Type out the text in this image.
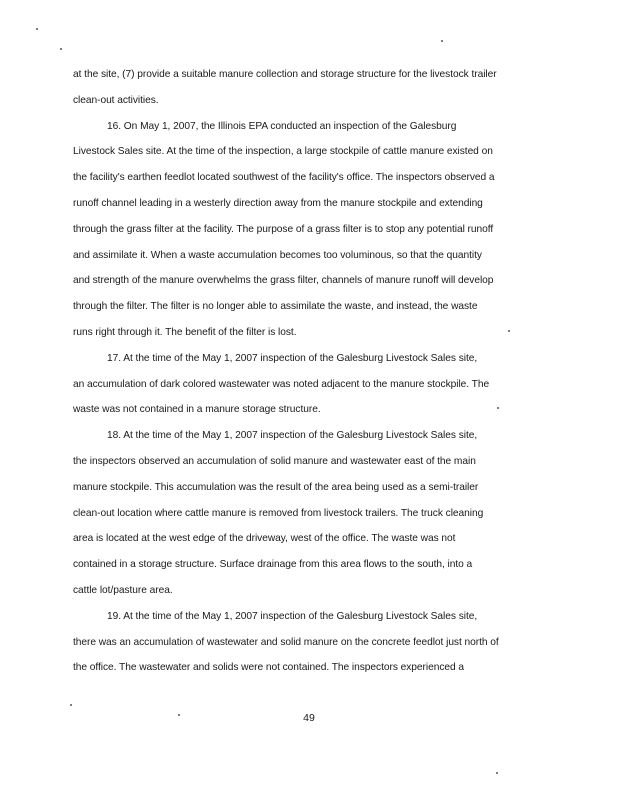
at the site, (7) provide a suitable manure collection and storage structure for the livestock trailer
clean-out activities.
16. On May 1, 2007, the Illinois EPA conducted an inspection of the Galesburg
Livestock Sales site. At the time of the inspection, a large stockpile of cattle manure existed on
the facility's earthen feedlot located southwest of the facility's office. The inspectors observed a
runoff channel leading in a westerly direction away from the manure stockpile and extending
through the grass filter at the facility. The purpose of a grass filter is to stop any potential runoff
and assimilate it. When a waste accumulation becomes too voluminous, so that the quantity
and strength of the manure overwhelms the grass filter, channels of manure runoff will develop
through the filter. The filter is no longer able to assimilate the waste, and instead, the waste
runs right through it. The benefit of the filter is lost.
17. At the time of the May 1, 2007 inspection of the Galesburg Livestock Sales site,
an accumulation of dark colored wastewater was noted adjacent to the manure stockpile. The
waste was not contained in a manure storage structure.
18. At the time of the May 1, 2007 inspection of the Galesburg Livestock Sales site,
the inspectors observed an accumulation of solid manure and wastewater east of the main
manure stockpile. This accumulation was the result of the area being used as a semi-trailer
clean-out location where cattle manure is removed from livestock trailers. The truck cleaning
area is located at the west edge of the driveway, west of the office. The waste was not
contained in a storage structure. Surface drainage from this area flows to the south, into a
cattle lot/pasture area.
19. At the time of the May 1, 2007 inspection of the Galesburg Livestock Sales site,
there was an accumulation of wastewater and solid manure on the concrete feedlot just north of
the office. The wastewater and solids were not contained. The inspectors experienced a
49
